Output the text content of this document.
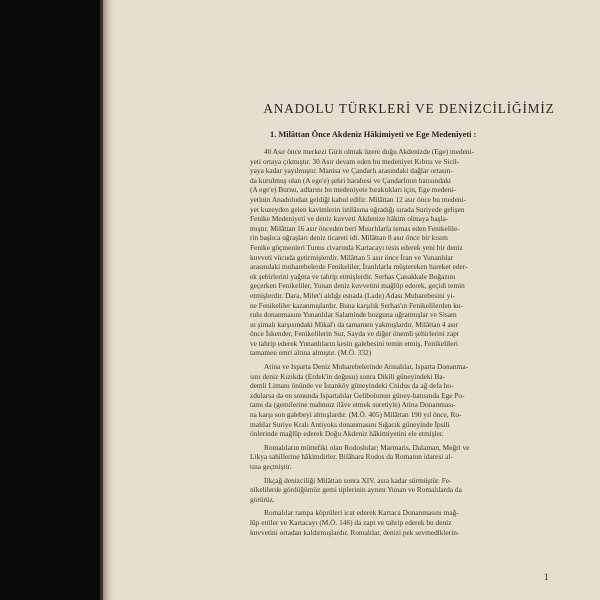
ANADOLU TÜRKLERİ VE DENİZCİLİĞİMİZ
1. Milâttan Önce Akdeniz Hâkimiyeti ve Ege Medeniyeti :

40 Asır önce merkezi Girit olmak üzere doğu Akdenizde (Ege) medeni-
yeti ortaya çıkmıştır. 30 Asır devam eden bu medeniyet Kıbrıs ve Sicil-
yaya kadar yayılmıştır. Manisa ve Çandarlı arasındaki dağlar ortasın-
da kurulmuş olan (A ege'e) şehri harabesi ve Çandarlının batısındaki
(A ege'e) Burnu, adlarını bu medeniyete bıraktıkları için, Ege medeni-
yetinin Anadoludan geldiği kabul edilir. Milâttan 12 asır önce bu medeni-
yet kuzeyden gelen kavimlerin istilâsına uğradığı sırada Suriyede gelişen
Fenike Medeniyeti ve deniz kuvveti Akdenize hâkim olmaya başla-
mıştır. Milâttan 16 asır önceden beri Mısırlılarla temas eden Fenikelile-
rin başlıca uğraşları deniz ticareti idi. Milâttan 8 asır önce bir kısım
Fenike göçmenleri Tunus civarında Kartacayı tesis ederek yeni bir deniz
kuvveti vücuda getirmişlerdir. Milâttan 5 asır önce İran ve Yunanlılar
arasındaki muharebelerde Fenikeliler, İranlılarla müştereken hareket eder-
ek şehirlerini yağma ve tahrip etmişlerdir. Serhas Çanakkale Boğazını
geçerken Fenikeliler, Yunan deniz kuvvetini mağlûp ederek, geçidi temin
etmişlerdir. Dara, Milet'i aldığı esnada (Lade) Adası Muharebesini yi-
ne Fenikeliler kazanmışlardır. Buna karşılık Serhas'ın Fenikelilerden ku-
rulu donanmasını Yunanlılar Salaminde bozguna uğratmışlar ve Sisam
ın şimalı karşısındaki Mikal'ı da tamamen yakmışlardır. Milâttan 4 asır
önce İskender, Fenikelilerin Sur, Sayda ve diğer önemli şehirlerini zapt
ve tahrip ederek Yunanlıların kesin galebesini temin etmiş, Fenikelileri
tamamen emri altına almıştır. (M.Ö. 332)

Atina ve Isparta Deniz Muharebelerinde Atinalılar, Isparta Donanma-
sını deniz Kızıkda (Erdek'in doğusu) sonra Dikili güneyindeki Ba-
demli Limanı önünde ve İstanköy güneyindeki Cnidus da ağ defa ho-
zdularsa da en sonunda Ispartalılar Gelibolunun güney-batısında Ege Po-
tamı da (gemilerine mahmuz ilâve etmek suretiyle) Atina Donanması-
na karşı son galebeyi almışlardır. (M.Ö. 405) Milâttan 190 yıl önce, Ro-
malılar Suriye Kralı Antiyoks donanmasını Sığacık güneyinde İpsili
önlerinde mağlûp ederek Doğu Akdeniz hâkimiyetini ele etmişler.

Romalıların müttefiki olan Rodoslular; Marmaris, Dalaman, Meğri ve
Likya sahillerine hâkimdirler. Bilâhara Rodos da Romanın idaresi al-
tına geçmiştir.

İlkçağ denizciliği Milâttan sonra XIV. asra kadar sürmüştür. Fe-
nikelilerde gördüğümüz gemi tiplerinin aynını Yunan ve Romalılarda da
görürüz.

Romalılar rampa köprüleri icat ederek Kartaca Donanmasını mağ-
lûp ettiler ve Kartacayı (M.Ö. 146) da zapt ve tahrip ederek bu deniz
kuvvetini ortadan kaldırmışlardır. Romalılar, denizi pek sevmediklerin-

1
